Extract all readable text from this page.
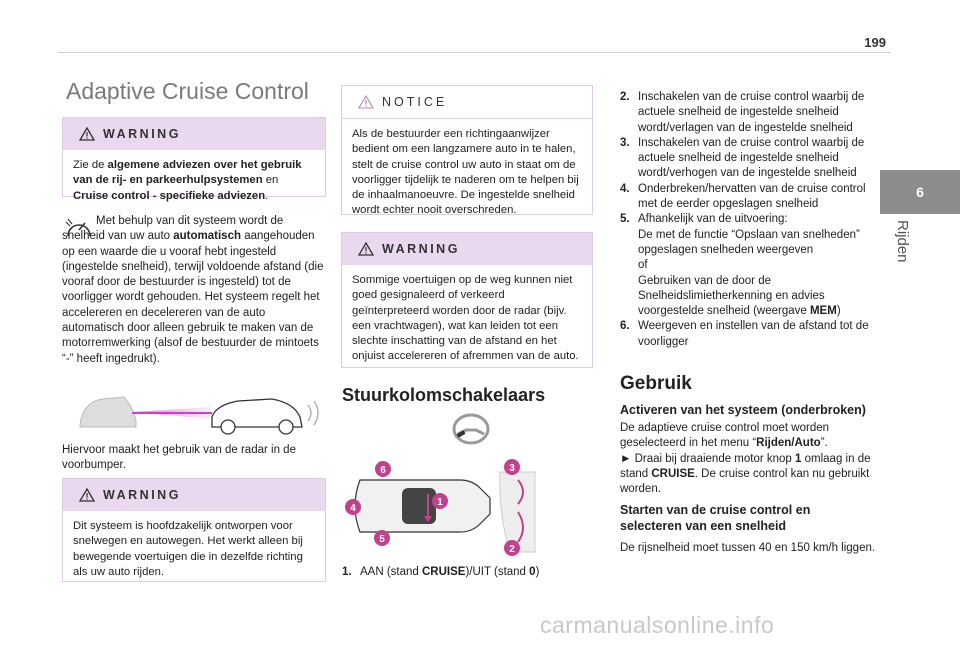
199
6
Rijden
Adaptive Cruise Control
WARNING
Zie de algemene adviezen over het gebruik van de rij- en parkeerhulpsystemen en Cruise control - specifieke adviezen.
Met behulp van dit systeem wordt de snelheid van uw auto automatisch aangehouden op een waarde die u vooraf hebt ingesteld (ingestelde snelheid), terwijl voldoende afstand (die vooraf door de bestuurder is ingesteld) tot de voorligger wordt gehouden. Het systeem regelt het accelereren en decelereren van de auto automatisch door alleen gebruik te maken van de motorremwerking (alsof de bestuurder de mintoets “-” heeft ingedrukt).
Hiervoor maakt het gebruik van de radar in de voorbumper.
WARNING
Dit systeem is hoofdzakelijk ontworpen voor snelwegen en autowegen. Het werkt alleen bij bewegende voertuigen die in dezelfde richting als uw auto rijden.
NOTICE
Als de bestuurder een richtingaanwijzer bedient om een langzamere auto in te halen, stelt de cruise control uw auto in staat om de voorligger tijdelijk te naderen om te helpen bij de inhaalmanoeuvre. De ingestelde snelheid wordt echter nooit overschreden.
WARNING
Sommige voertuigen op de weg kunnen niet goed gesignaleerd of verkeerd geïnterpreteerd worden door de radar (bijv. een vrachtwagen), wat kan leiden tot een slechte inschatting van de afstand en het onjuist accelereren of afremmen van de auto.
Stuurkolomschakelaars
6
4
5
1
3
2
1. AAN (stand CRUISE)/UIT (stand 0)
2. Inschakelen van de cruise control waarbij de actuele snelheid de ingestelde snelheid wordt/verlagen van de ingestelde snelheid
3. Inschakelen van de cruise control waarbij de actuele snelheid de ingestelde snelheid wordt/verhogen van de ingestelde snelheid
4. Onderbreken/hervatten van de cruise control met de eerder opgeslagen snelheid
5. Afhankelijk van de uitvoering:
De met de functie “Opslaan van snelheden” opgeslagen snelheden weergeven
of
Gebruiken van de door de Snelheidslimietherkenning en advies voorgestelde snelheid (weergave MEM)
6. Weergeven en instellen van de afstand tot de voorligger
Gebruik
Activeren van het systeem (onderbroken)
De adaptieve cruise control moet worden geselecteerd in het menu “Rijden/Auto”.
► Draai bij draaiende motor knop 1 omlaag in de stand CRUISE. De cruise control kan nu gebruikt worden.
Starten van de cruise control en selecteren van een snelheid
De rijsnelheid moet tussen 40 en 150 km/h liggen.
carmanualsonline.info
